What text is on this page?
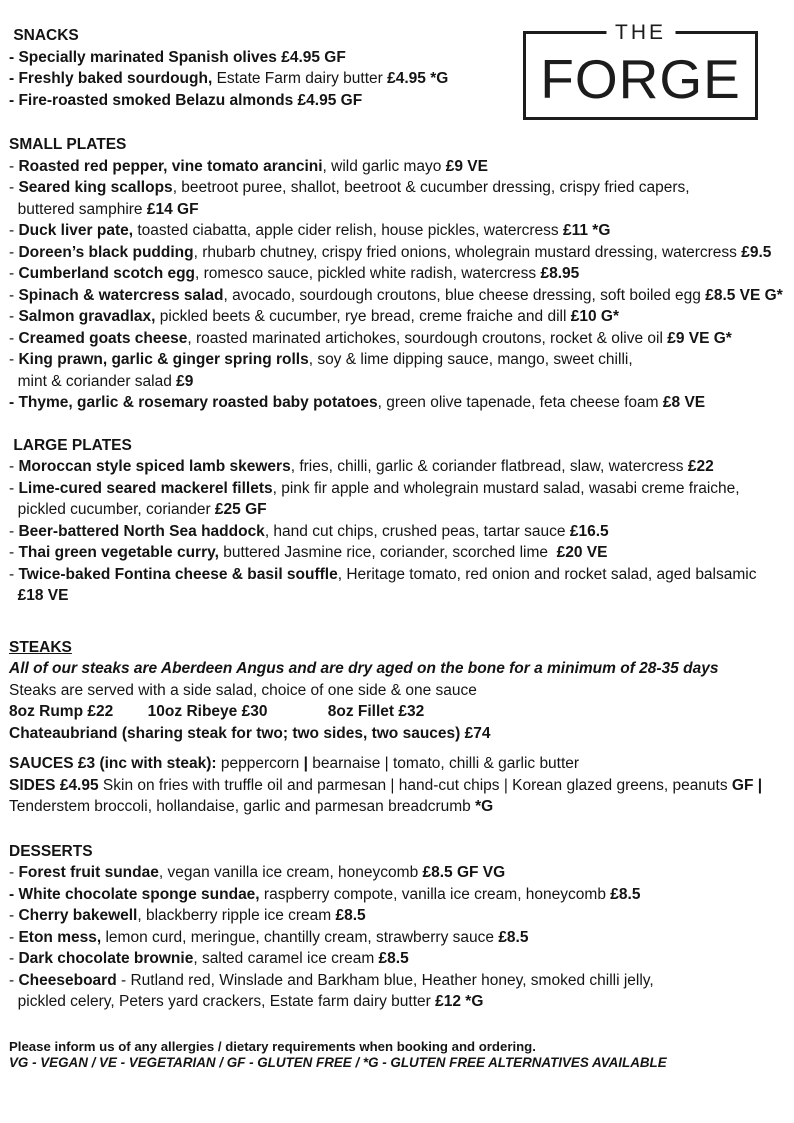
THE
FORGE
SNACKS
- Specially marinated Spanish olives £4.95 GF
- Freshly baked sourdough, Estate Farm dairy butter £4.95 *G
- Fire-roasted smoked Belazu almonds £4.95 GF
SMALL PLATES
- Roasted red pepper, vine tomato arancini, wild garlic mayo £9 VE
- Seared king scallops, beetroot puree, shallot, beetroot & cucumber dressing, crispy fried capers,
buttered samphire £14 GF
- Duck liver pate, toasted ciabatta, apple cider relish, house pickles, watercress £11 *G
- Doreen’s black pudding, rhubarb chutney, crispy fried onions, wholegrain mustard dressing, watercress £9.5
- Cumberland scotch egg, romesco sauce, pickled white radish, watercress £8.95
- Spinach & watercress salad, avocado, sourdough croutons, blue cheese dressing, soft boiled egg £8.5 VE G*
- Salmon gravadlax, pickled beets & cucumber, rye bread, creme fraiche and dill £10 G*
- Creamed goats cheese, roasted marinated artichokes, sourdough croutons, rocket & olive oil £9 VE G*
- King prawn, garlic & ginger spring rolls, soy & lime dipping sauce, mango, sweet chilli,
mint & coriander salad £9
- Thyme, garlic & rosemary roasted baby potatoes, green olive tapenade, feta cheese foam £8 VE
LARGE PLATES
- Moroccan style spiced lamb skewers, fries, chilli, garlic & coriander flatbread, slaw, watercress £22
- Lime-cured seared mackerel fillets, pink fir apple and wholegrain mustard salad, wasabi creme fraiche,
pickled cucumber, coriander £25 GF
- Beer-battered North Sea haddock, hand cut chips, crushed peas, tartar sauce £16.5
- Thai green vegetable curry, buttered Jasmine rice, coriander, scorched lime  £20 VE
- Twice-baked Fontina cheese & basil souffle, Heritage tomato, red onion and rocket salad, aged balsamic
£18 VE
STEAKS
All of our steaks are Aberdeen Angus and are dry aged on the bone for a minimum of 28-35 days
Steaks are served with a side salad, choice of one side & one sauce
8oz Rump £22        10oz Ribeye £30              8oz Fillet £32
Chateaubriand (sharing steak for two; two sides, two sauces) £74
SAUCES £3 (inc with steak): peppercorn | bearnaise | tomato, chilli & garlic butter
SIDES £4.95 Skin on fries with truffle oil and parmesan | hand-cut chips | Korean glazed greens, peanuts GF |
Tenderstem broccoli, hollandaise, garlic and parmesan breadcrumb *G
DESSERTS
- Forest fruit sundae, vegan vanilla ice cream, honeycomb £8.5 GF VG
- White chocolate sponge sundae, raspberry compote, vanilla ice cream, honeycomb £8.5
- Cherry bakewell, blackberry ripple ice cream £8.5
- Eton mess, lemon curd, meringue, chantilly cream, strawberry sauce £8.5
- Dark chocolate brownie, salted caramel ice cream £8.5
- Cheeseboard - Rutland red, Winslade and Barkham blue, Heather honey, smoked chilli jelly,
pickled celery, Peters yard crackers, Estate farm dairy butter £12 *G
Please inform us of any allergies / dietary requirements when booking and ordering.
VG - VEGAN / VE - VEGETARIAN / GF - GLUTEN FREE / *G - GLUTEN FREE ALTERNATIVES AVAILABLE
